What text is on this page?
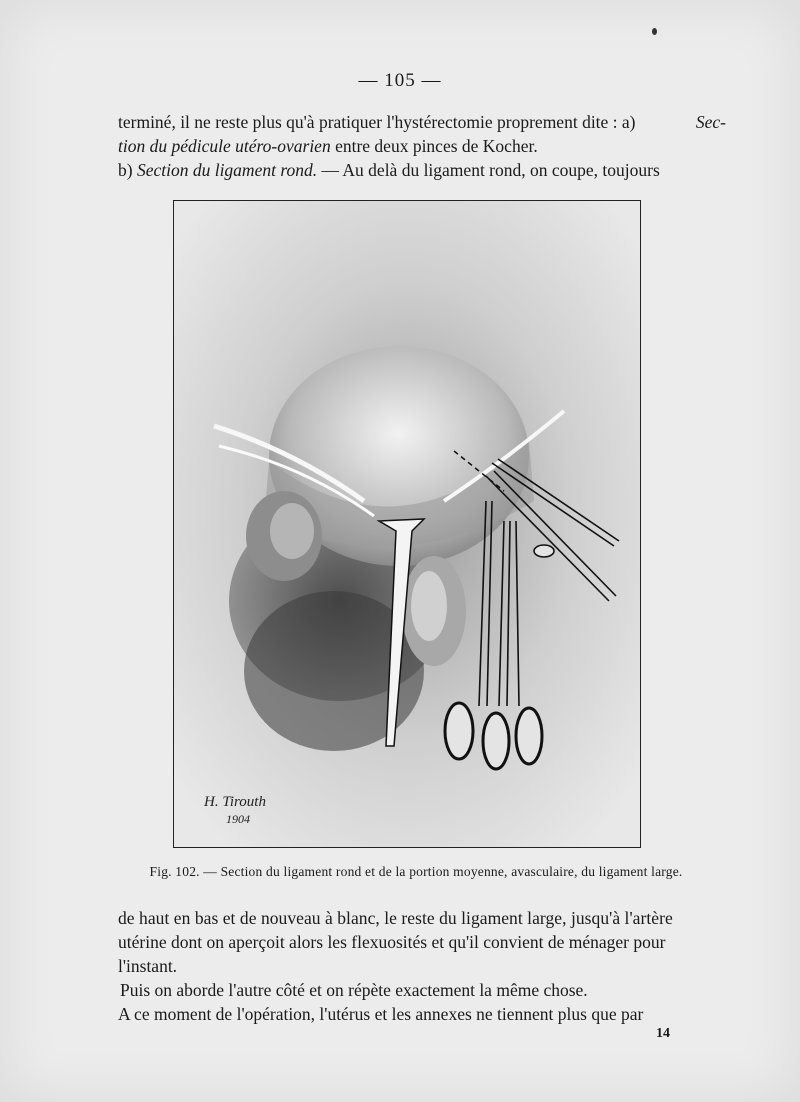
— 105 —
terminé, il ne reste plus qu'à pratiquer l'hystérectomie proprement dite : a)	Sec-
tion du pédicule utéro-ovarien entre deux pinces de Kocher.
b) Section du ligament rond. — Au delà du ligament rond, on coupe, toujours
H. Tirouth
1904
Fig. 102. — Section du ligament rond et de la portion moyenne, avasculaire, du ligament large.
de haut en bas et de nouveau à blanc, le reste du ligament large, jusqu'à l'artère
utérine dont on aperçoit alors les flexuosités et qu'il convient de ménager pour
l'instant.
Puis on aborde l'autre côté et on répète exactement la même chose.
A ce moment de l'opération, l'utérus et les annexes ne tiennent plus que par
14
